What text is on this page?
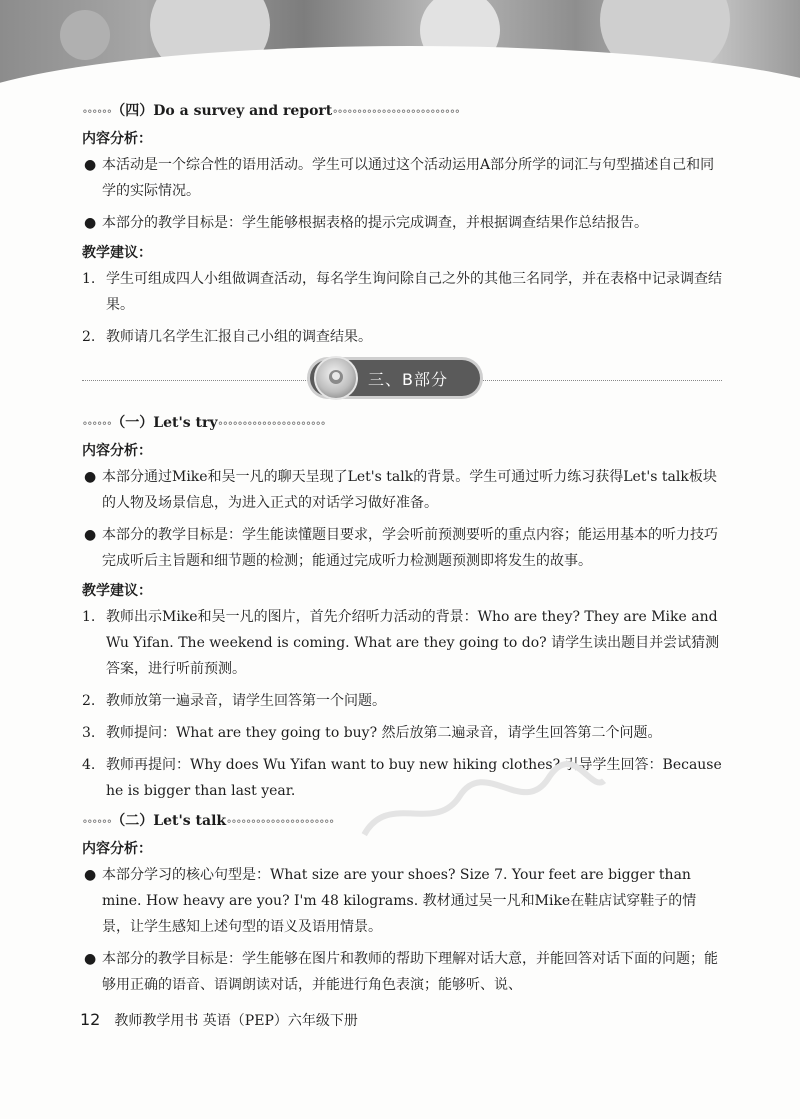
∘∘∘∘∘∘ （四）Do a survey and report ∘∘∘∘∘∘∘∘∘∘∘∘∘∘∘∘∘∘∘∘∘∘∘∘∘∘
内容分析：
● 本活动是一个综合性的语用活动。学生可以通过这个活动运用A部分所学的词汇与句型描述自己和同学的实际情况。
● 本部分的教学目标是：学生能够根据表格的提示完成调查，并根据调查结果作总结报告。
教学建议：
1. 学生可组成四人小组做调查活动，每名学生询问除自己之外的其他三名同学，并在表格中记录调查结果。
2. 教师请几名学生汇报自己小组的调查结果。
三、B部分
∘∘∘∘∘∘ （一）Let's try ∘∘∘∘∘∘∘∘∘∘∘∘∘∘∘∘∘∘∘∘∘∘
内容分析：
● 本部分通过Mike和吴一凡的聊天呈现了Let's talk的背景。学生可通过听力练习获得Let's talk板块的人物及场景信息，为进入正式的对话学习做好准备。
● 本部分的教学目标是：学生能读懂题目要求，学会听前预测要听的重点内容；能运用基本的听力技巧完成听后主旨题和细节题的检测；能通过完成听力检测题预测即将发生的故事。
教学建议：
1. 教师出示Mike和吴一凡的图片，首先介绍听力活动的背景：Who are they? They are Mike and Wu Yifan. The weekend is coming. What are they going to do? 请学生读出题目并尝试猜测答案，进行听前预测。
2. 教师放第一遍录音，请学生回答第一个问题。
3. 教师提问：What are they going to buy? 然后放第二遍录音，请学生回答第二个问题。
4. 教师再提问：Why does Wu Yifan want to buy new hiking clothes? 引导学生回答：Because he is bigger than last year.
∘∘∘∘∘∘ （二）Let's talk ∘∘∘∘∘∘∘∘∘∘∘∘∘∘∘∘∘∘∘∘∘∘
内容分析：
● 本部分学习的核心句型是：What size are your shoes? Size 7. Your feet are bigger than mine. How heavy are you? I'm 48 kilograms. 教材通过吴一凡和Mike在鞋店试穿鞋子的情景，让学生感知上述句型的语义及语用情景。
● 本部分的教学目标是：学生能够在图片和教师的帮助下理解对话大意，并能回答对话下面的问题；能够用正确的语音、语调朗读对话，并能进行角色表演；能够听、说、
12 教师教学用书 英语（PEP）六年级下册
